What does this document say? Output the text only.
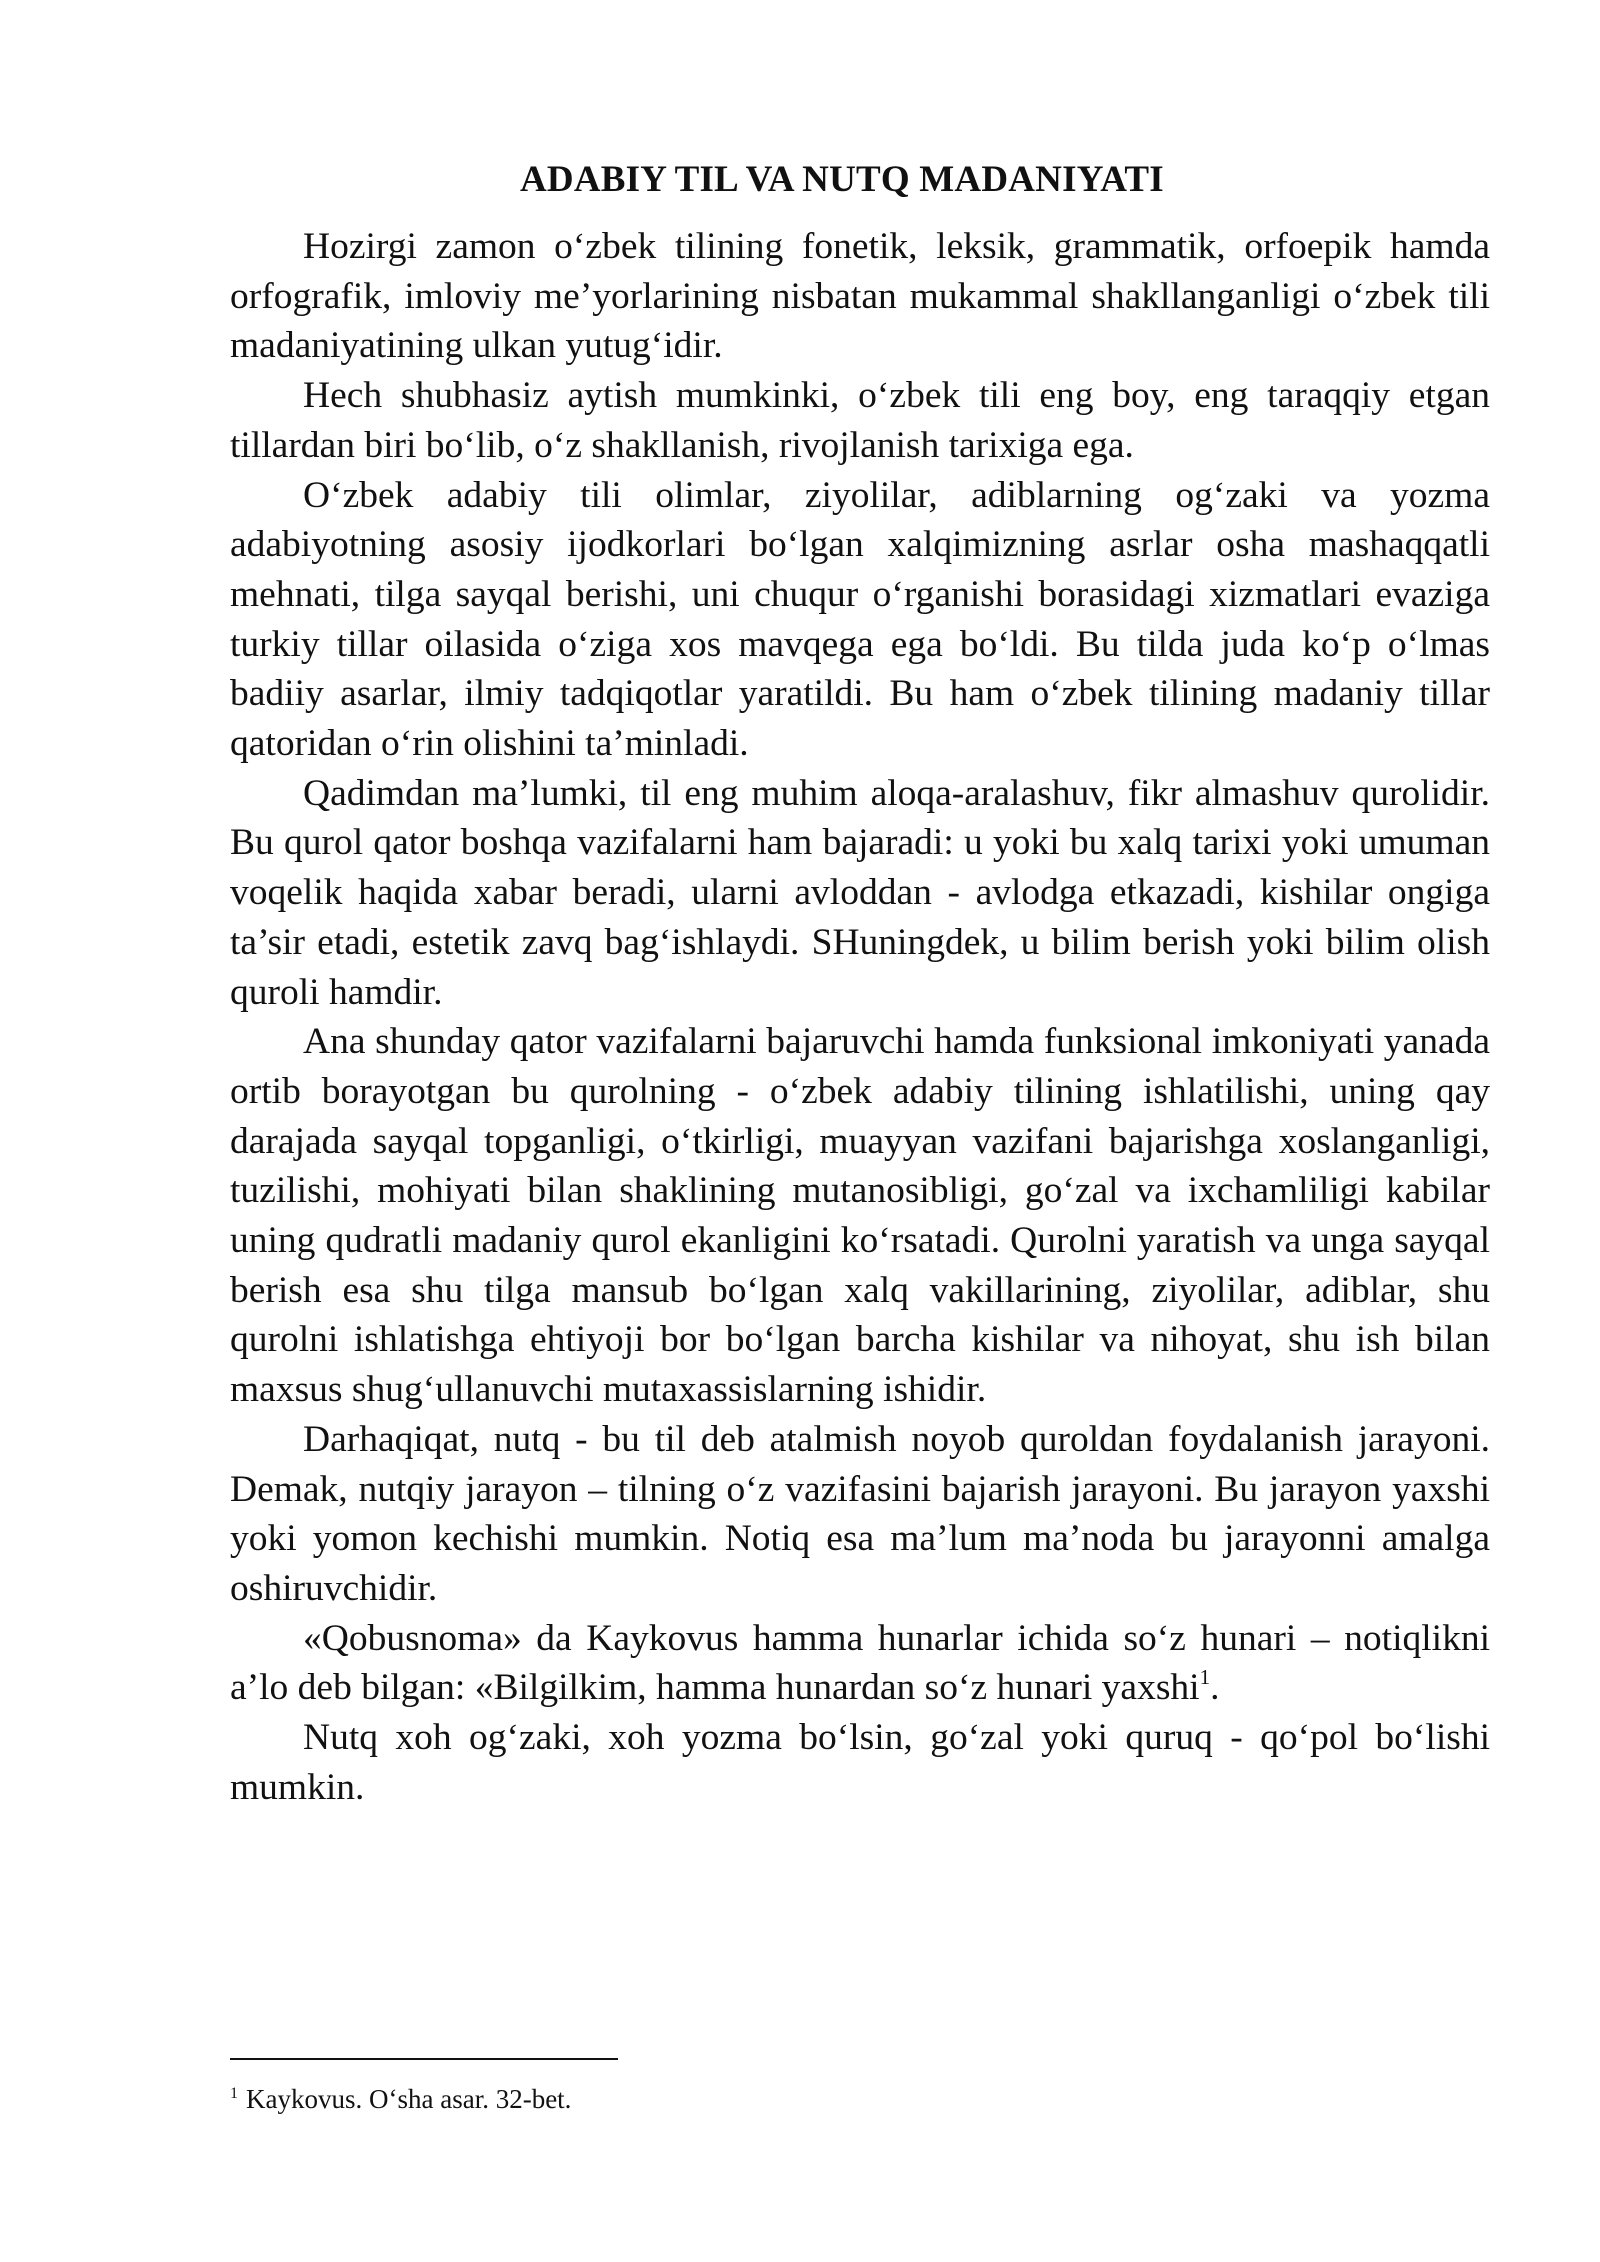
ADABIY TIL VA NUTQ MADANIYATI

Hozirgi zamon o‘zbek tilining fonetik, leksik, grammatik, orfoepik hamda orfografik, imloviy me’yorlarining nisbatan mukammal shakllanganligi o‘zbek tili madaniyatining ulkan yutug‘idir.

Hech shubhasiz aytish mumkinki, o‘zbek tili eng boy, eng taraqqiy etgan tillardan biri bo‘lib, o‘z shakllanish, rivojlanish tarixiga ega.

O‘zbek adabiy tili olimlar, ziyolilar, adiblarning og‘zaki va yozma adabiyotning asosiy ijodkorlari bo‘lgan xalqimizning asrlar osha mashaqqatli mehnati, tilga sayqal berishi, uni chuqur o‘rganishi borasidagi xizmatlari evaziga turkiy tillar oilasida o‘ziga xos mavqega ega bo‘ldi. Bu tilda juda ko‘p o‘lmas badiiy asarlar, ilmiy tadqiqotlar yaratildi. Bu ham o‘zbek tilining madaniy tillar qatoridan o‘rin olishini ta’minladi.

Qadimdan ma’lumki, til eng muhim aloqa-aralashuv, fikr almashuv qurolidir. Bu qurol qator boshqa vazifalarni ham bajaradi: u yoki bu xalq tarixi yoki umuman voqelik haqida xabar beradi, ularni avloddan - avlodga etkazadi, kishilar ongiga ta’sir etadi, estetik zavq bag‘ishlaydi. SHuningdek, u bilim berish yoki bilim olish quroli hamdir.

Ana shunday qator vazifalarni bajaruvchi hamda funksional imkoniyati yanada ortib borayotgan bu qurolning - o‘zbek adabiy tilining ishlatilishi, uning qay darajada sayqal topganligi, o‘tkirligi, muayyan vazifani bajarishga xoslanganligi, tuzilishi, mohiyati bilan shaklining mutanosibligi, go‘zal va ixchamliligi kabilar uning qudratli madaniy qurol ekanligini ko‘rsatadi. Qurolni yaratish va unga sayqal berish esa shu tilga mansub bo‘lgan xalq vakillarining, ziyolilar, adiblar, shu qurolni ishlatishga ehtiyoji bor bo‘lgan barcha kishilar va nihoyat, shu ish bilan maxsus shug‘ullanuvchi mutaxassislarning ishidir.

Darhaqiqat, nutq - bu til deb atalmish noyob quroldan foydalanish jarayoni. Demak, nutqiy jarayon – tilning o‘z vazifasini bajarish jarayoni. Bu jarayon yaxshi yoki yomon kechishi mumkin. Notiq esa ma’lum ma’noda bu jarayonni amalga oshiruvchidir.

«Qobusnoma» da Kaykovus hamma hunarlar ichida so‘z hunari – notiqlikni a’lo deb bilgan: «Bilgilkim, hamma hunardan so‘z hunari yaxshi$^1$.

Nutq xoh og‘zaki, xoh yozma bo‘lsin, go‘zal yoki quruq - qo‘pol bo‘lishi mumkin.

$^1$ Kaykovus. O‘sha asar. 32-bet.
